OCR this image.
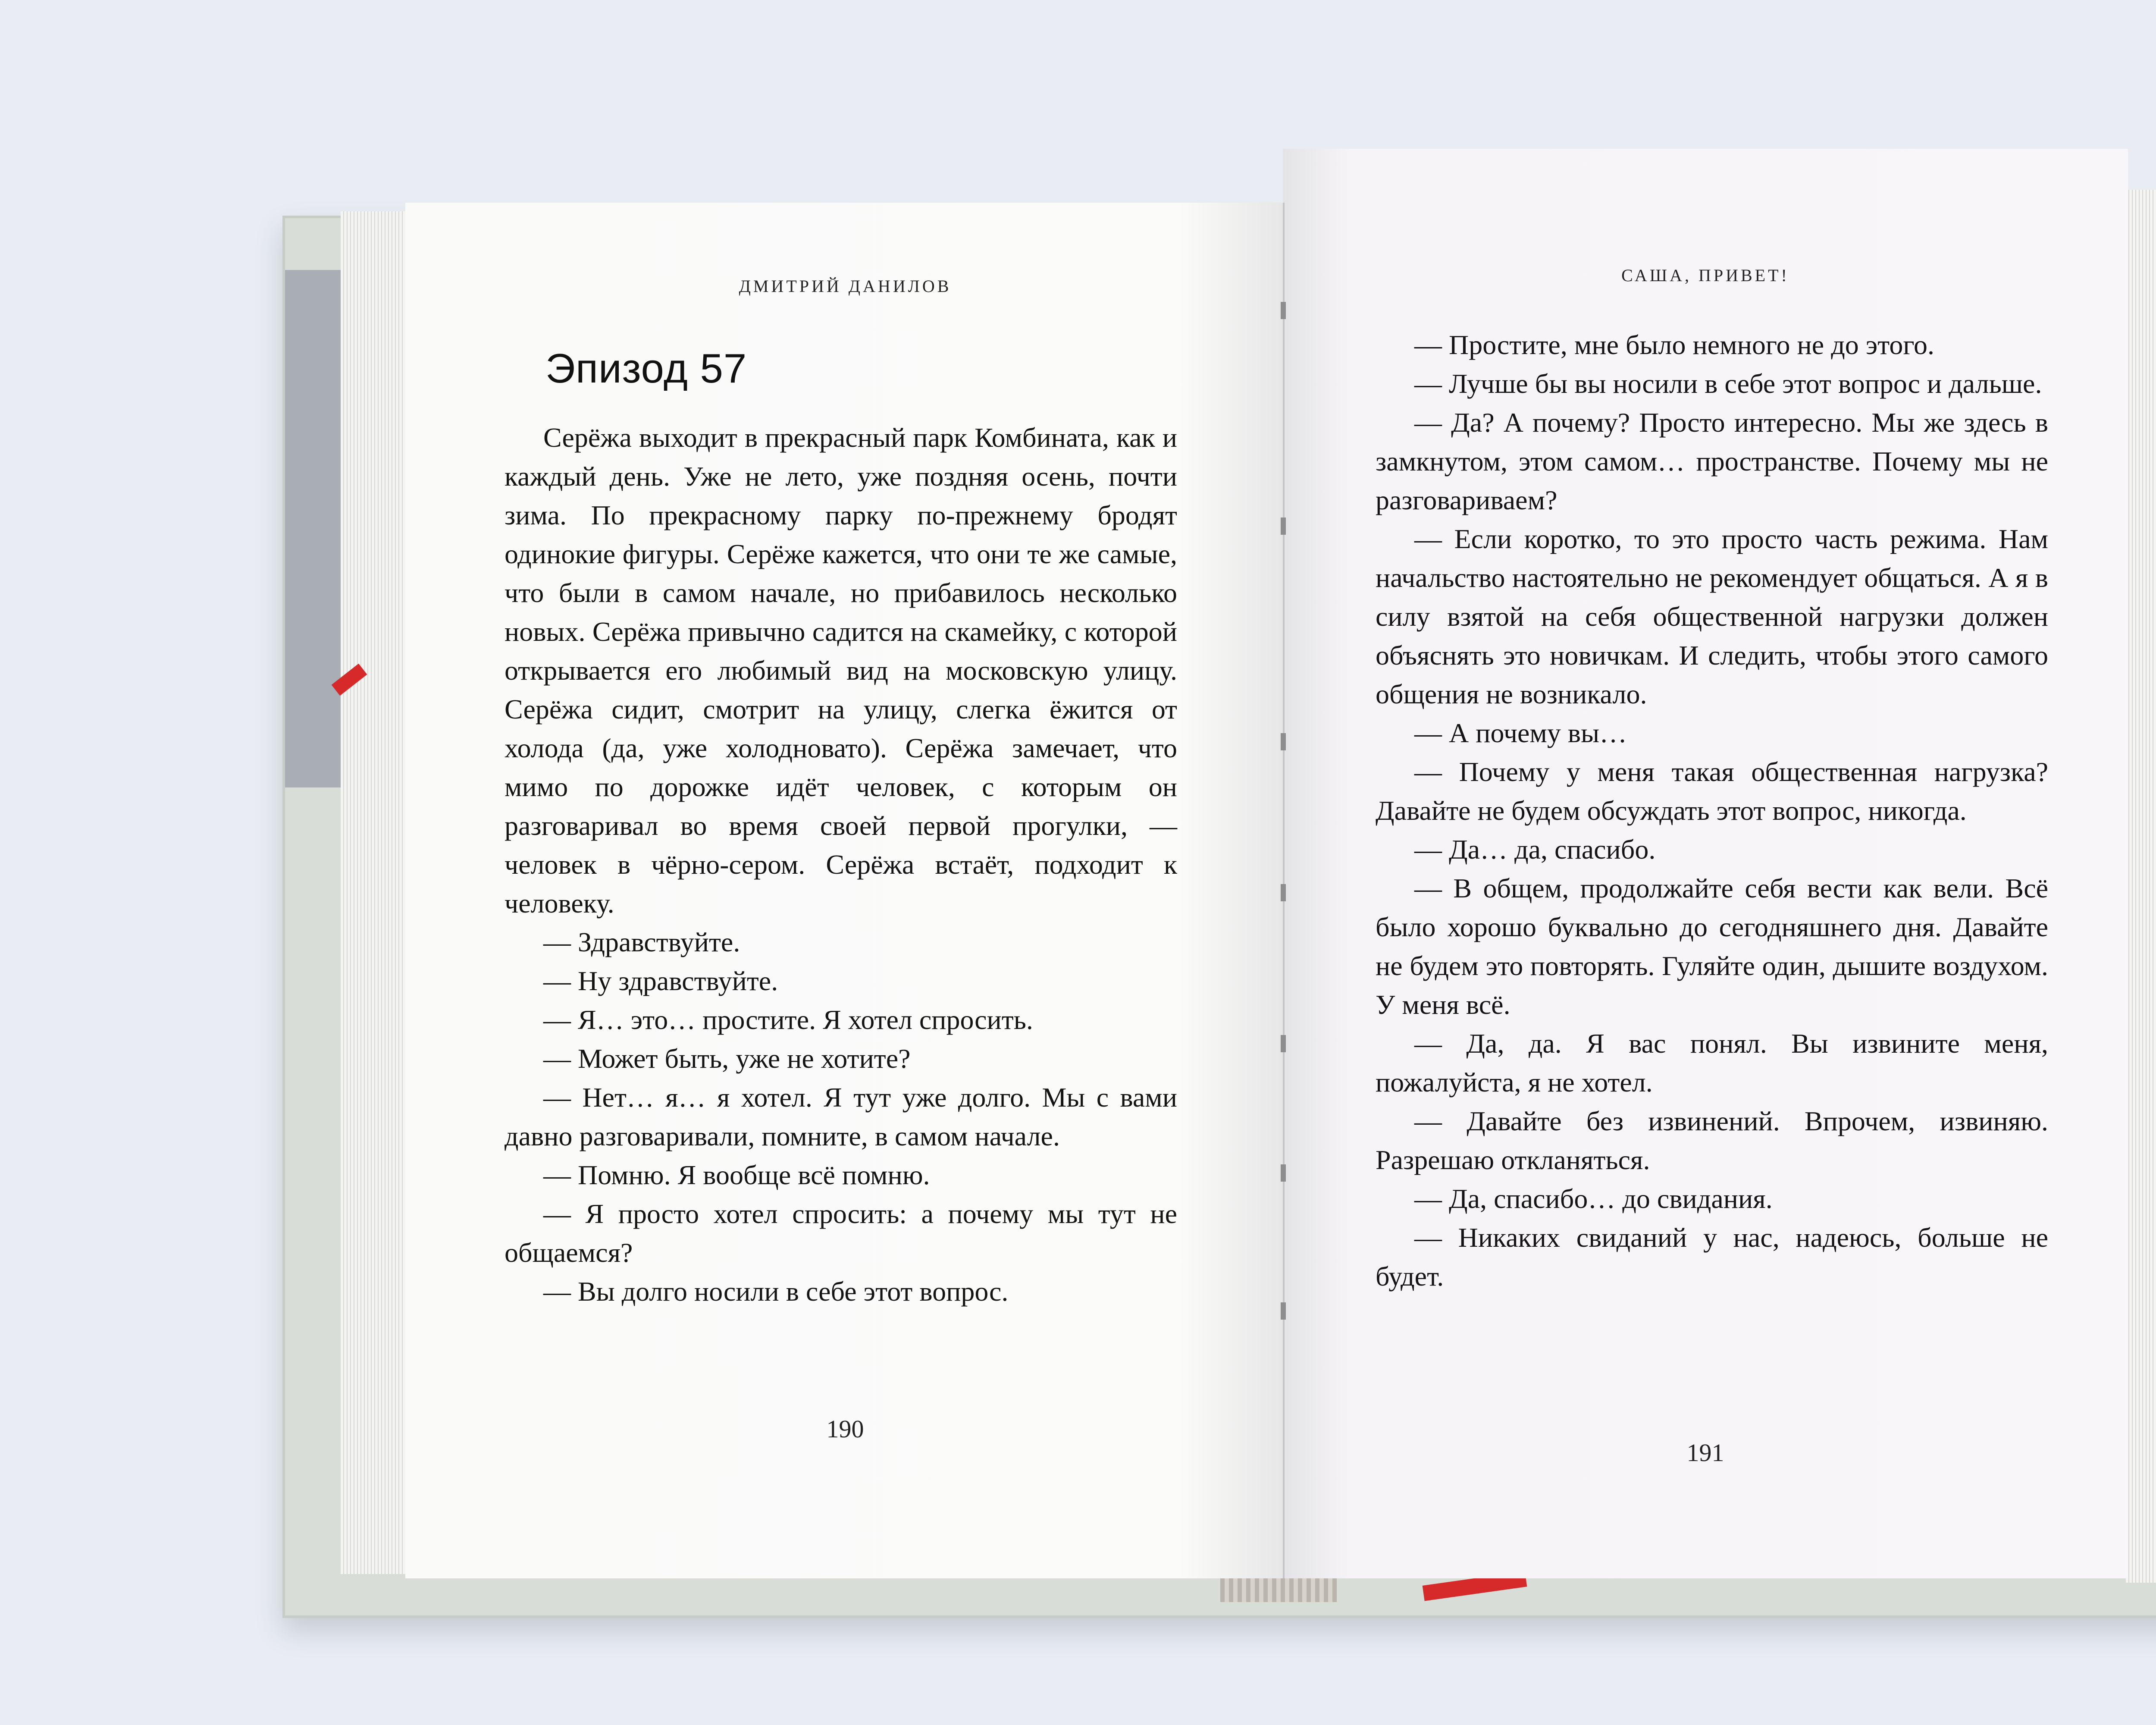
ДМИТРИЙ ДАНИЛОВ
Эпизод 57

Серёжа выходит в прекрасный парк Комбината, как и каждый день. Уже не лето, уже поздняя осень, почти зима. По прекрасному парку по-прежнему бродят одинокие фигуры. Серёже кажется, что они те же самые, что были в самом начале, но прибавилось несколько новых. Серёжа привычно садится на скамейку, с которой открывается его любимый вид на московскую улицу. Серёжа сидит, смотрит на улицу, слегка ёжится от холода (да, уже холодновато). Серёжа замечает, что мимо по дорожке идёт человек, с которым он разговаривал во время своей первой прогулки, — человек в чёрно-сером. Серёжа встаёт, подходит к человеку.

— Здравствуйте.

— Ну здравствуйте.

— Я… это… простите. Я хотел спросить.

— Может быть, уже не хотите?

— Нет… я… я хотел. Я тут уже долго. Мы с вами давно разговаривали, помните, в самом начале.

— Помню. Я вообще всё помню.

— Я просто хотел спросить: а почему мы тут не общаемся?

— Вы долго носили в себе этот вопрос.

190
САША, ПРИВЕТ!

— Простите, мне было немного не до этого.

— Лучше бы вы носили в себе этот вопрос и дальше.

— Да? А почему? Просто интересно. Мы же здесь в замкнутом, этом самом… пространстве. Почему мы не разговариваем?

— Если коротко, то это просто часть режима. Нам начальство настоятельно не рекомендует общаться. А я в силу взятой на себя общественной нагрузки должен объяснять это новичкам. И следить, чтобы этого самого общения не возникало.

— А почему вы…

— Почему у меня такая общественная нагрузка? Давайте не будем обсуждать этот вопрос, никогда.

— Да… да, спасибо.

— В общем, продолжайте себя вести как вели. Всё было хорошо буквально до сегодняшнего дня. Давайте не будем это повторять. Гуляйте один, дышите воздухом. У меня всё.

— Да, да. Я вас понял. Вы извините меня, пожалуйста, я не хотел.

— Давайте без извинений. Впрочем, извиняю. Разрешаю откланяться.

— Да, спасибо… до свидания.

— Никаких свиданий у нас, надеюсь, больше не будет.

191
